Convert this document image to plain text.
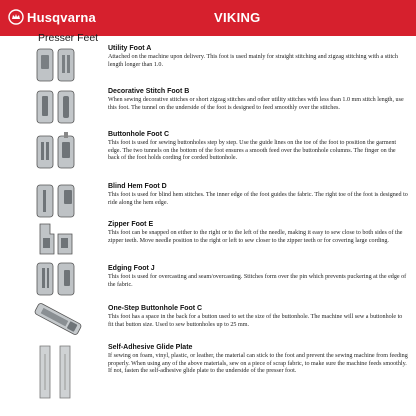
Husqvarna	VIKING
Presser Feet
Utility Foot A
Attached on the machine upon delivery. This foot is used mainly for straight stitching and zigzag stitching with a stitch length longer than 1.0.
Decorative Stitch Foot B
When sewing decorative stitches or short zigzag stitches and other utility stitches with less than 1.0 mm stitch length, use this foot. The tunnel on the underside of the foot is designed to feed smoothly over the stitches.
Buttonhole Foot C
This foot is used for sewing buttonholes step by step. Use the guide lines on the toe of the foot to position the garment edge. The two tunnels on the bottom of the foot ensures a smooth feed over the buttonhole columns. The finger on the back of the foot holds cording for corded buttonhole.
Blind Hem Foot D
This foot is used for blind hem stitches. The inner edge of the foot guides the fabric. The right toe of the foot is designed to ride along the hem edge.
Zipper Foot E
This foot can be snapped on either to the right or to the left of the needle, making it easy to sew close to both sides of the zipper teeth. Move needle position to the right or left to sew closer to the zipper teeth or for covering large cording.
Edging Foot J
This foot is used for overcasting and seam/overcasting. Stitches form over the pin which prevents puckering at the edge of the fabric.
One-Step Buttonhole Foot C
This foot has a space in the back for a button used to set the size of the buttonhole. The machine will sew a buttonhole to fit that button size. Used to sew buttonholes up to 25 mm.
Self-Adhesive Glide Plate
If sewing on foam, vinyl, plastic, or leather, the material can stick to the foot and prevent the sewing machine from feeding properly. When using any of the above materials, sew on a piece of scrap fabric, to make sure the machine feeds smoothly. If not, fasten the self-adhesive glide plate to the underside of the presser foot.
